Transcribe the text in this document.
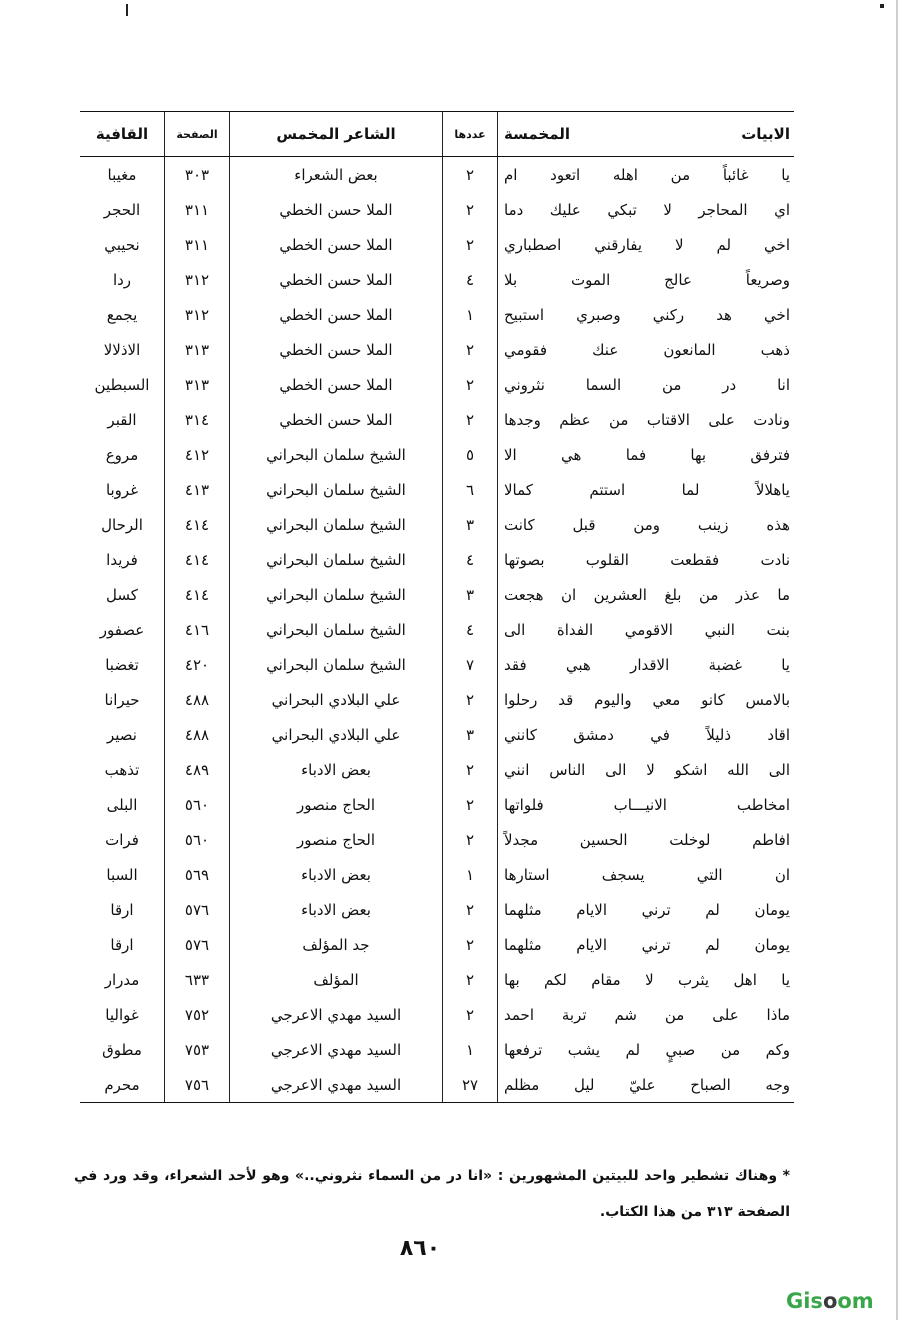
الابيات المخمسة	عددها	الشاعر المخمس	الصفحة	القافية
يا غائباً من اهله اتعود ام	٢	بعض الشعراء	٣٠٣	مغيبا
اي المحاجر لا تبكي عليك دما	٢	الملا حسن الخطي	٣١١	الحجر
اخي لم لا يفارقني اصطباري	٢	الملا حسن الخطي	٣١١	نحيبي
وصريعاً عالج الموت بلا	٤	الملا حسن الخطي	٣١٢	ردا
اخي هد ركني وصبري استبيح	١	الملا حسن الخطي	٣١٢	يجمع
ذهب المانعون عنك فقومي	٢	الملا حسن الخطي	٣١٣	الاذلالا
انا در من السما نثروني	٢	الملا حسن الخطي	٣١٣	السبطين
ونادت على الاقتاب من عظم وجدها	٢	الملا حسن الخطي	٣١٤	القبر
فترفق بها فما هي الا	٥	الشيخ سلمان البحراني	٤١٢	مروع
ياهلالاً لما استتم كمالا	٦	الشيخ سلمان البحراني	٤١٣	غروبا
هذه زينب ومن قبل كانت	٣	الشيخ سلمان البحراني	٤١٤	الرحال
نادت فقطعت القلوب بصوتها	٤	الشيخ سلمان البحراني	٤١٤	فريدا
ما عذر من بلغ العشرين ان هجعت	٣	الشيخ سلمان البحراني	٤١٤	كسل
بنت النبي الاقومي الفداة الى	٤	الشيخ سلمان البحراني	٤١٦	عصفور
يا غضبة الاقدار هبي فقد	٧	الشيخ سلمان البحراني	٤٢٠	تغضبا
بالامس كانو معي واليوم قد رحلوا	٢	علي البلادي البحراني	٤٨٨	حيرانا
اقاد ذليلاً في دمشق كانني	٣	علي البلادي البحراني	٤٨٨	نصير
الى الله اشكو لا الى الناس انني	٢	بعض الادباء	٤٨٩	تذهب
امخاطب الانيـــاب فلواتها	٢	الحاج منصور	٥٦٠	البلى
افاطم لوخلت الحسين مجدلاً	٢	الحاج منصور	٥٦٠	فرات
ان التي يسجف استارها	١	بعض الادباء	٥٦٩	السبا
يومان لم ترني الايام مثلهما	٢	بعض الادباء	٥٧٦	ارقا
يومان لم ترني الايام مثلهما	٢	جد المؤلف	٥٧٦	ارقا
يا اهل يثرب لا مقام لكم بها	٢	المؤلف	٦٣٣	مدرار
ماذا على من شم تربة احمد	٢	السيد مهدي الاعرجي	٧٥٢	غواليا
وكم من صبيٍ لم يشب ترفعها	١	السيد مهدي الاعرجي	٧٥٣	مطوق
وجه الصباح عليّ ليل مظلم	٢٧	السيد مهدي الاعرجي	٧٥٦	محرم
* وهناك تشطير واحد للبيتين المشهورين : «انا در من السماء نثروني..» وهو لأحد الشعراء، وقد ورد في الصفحة ٣١٣ من هذا الكتاب.
٨٦٠
Gisoom
